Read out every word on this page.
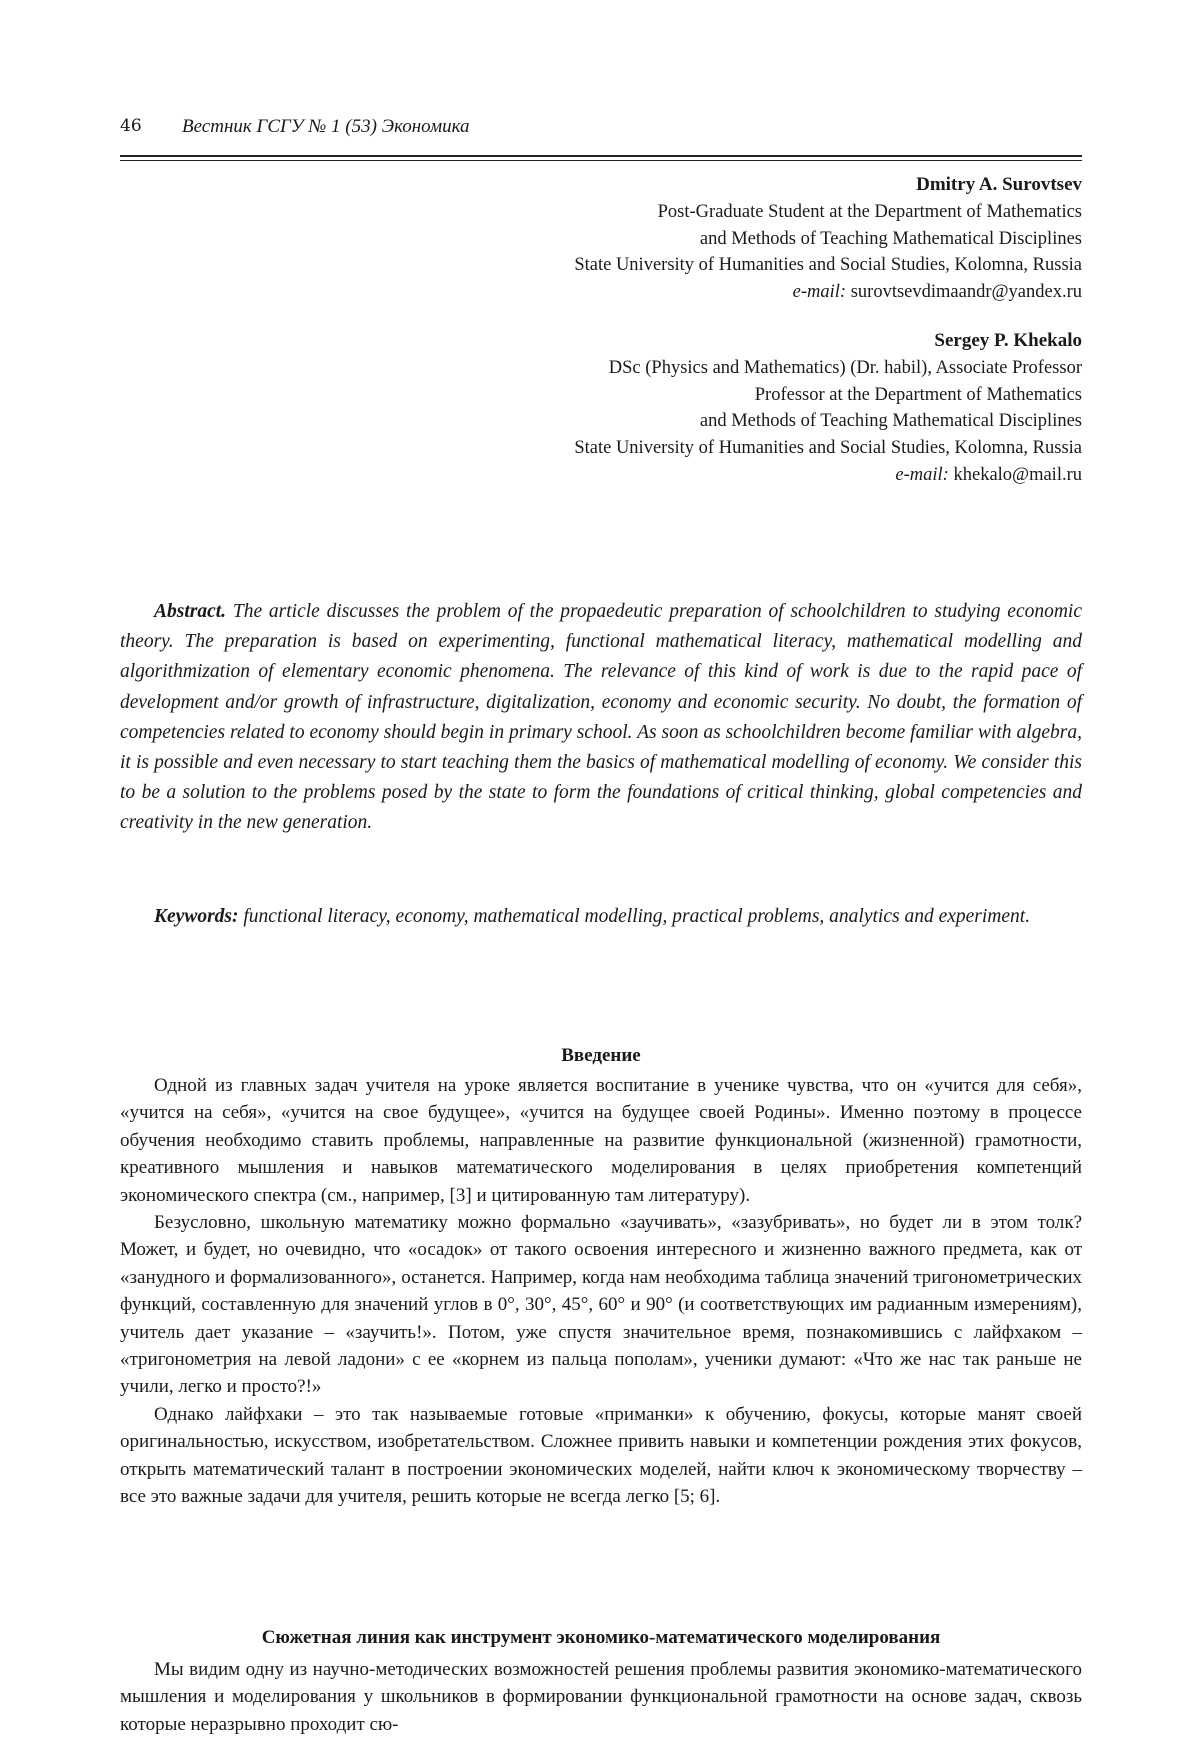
46 Вестник ГСГУ № 1 (53) Экономика
Dmitry A. Surovtsev
Post-Graduate Student at the Department of Mathematics
and Methods of Teaching Mathematical Disciplines
State University of Humanities and Social Studies, Kolomna, Russia
e-mail: surovtsevdimaandr@yandex.ru
Sergey P. Khekalo
DSc (Physics and Mathematics) (Dr. habil), Associate Professor
Professor at the Department of Mathematics
and Methods of Teaching Mathematical Disciplines
State University of Humanities and Social Studies, Kolomna, Russia
e-mail: khekalo@mail.ru
Abstract. The article discusses the problem of the propaedeutic preparation of schoolchildren to studying economic theory. The preparation is based on experimenting, functional mathematical literacy, mathematical modelling and algorithmization of elementary economic phenomena. The relevance of this kind of work is due to the rapid pace of development and/or growth of infrastructure, digitalization, economy and economic security. No doubt, the formation of competencies related to economy should begin in primary school. As soon as schoolchildren become familiar with algebra, it is possible and even necessary to start teaching them the basics of mathematical modelling of economy. We consider this to be a solution to the problems posed by the state to form the foundations of critical thinking, global competencies and creativity in the new generation.
Keywords: functional literacy, economy, mathematical modelling, practical problems, analytics and experiment.
Введение

Одной из главных задач учителя на уроке является воспитание в ученике чувства, что он «учится для себя», «учится на себя», «учится на свое будущее», «учится на будущее своей Родины». Именно поэтому в процессе обучения необходимо ставить проблемы, направленные на развитие функциональной (жизненной) грамотности, креативного мышления и навыков математического моделирования в целях приобретения компетенций экономического спектра (см., например, [3] и цитированную там литературу).

Безусловно, школьную математику можно формально «заучивать», «зазубривать», но будет ли в этом толк? Может, и будет, но очевидно, что «осадок» от такого освоения интересного и жизненно важного предмета, как от «занудного и формализованного», останется. Например, когда нам необходима таблица значений тригонометрических функций, составленную для значений углов в 0°, 30°, 45°, 60° и 90° (и соответствующих им радианным измерениям), учитель дает указание – «заучить!». Потом, уже спустя значительное время, познакомившись с лайфхаком – «тригонометрия на левой ладони» с ее «корнем из пальца пополам», ученики думают: «Что же нас так раньше не учили, легко и просто?!»

Однако лайфхаки – это так называемые готовые «приманки» к обучению, фокусы, которые манят своей оригинальностью, искусством, изобретательством. Сложнее привить навыки и компетенции рождения этих фокусов, открыть математический талант в построении экономических моделей, найти ключ к экономическому творчеству – все это важные задачи для учителя, решить которые не всегда легко [5; 6].

Сюжетная линия как инструмент экономико-математического моделирования

Мы видим одну из научно-методических возможностей решения проблемы развития экономико-математического мышления и моделирования у школьников в формировании функциональной грамотности на основе задач, сквозь которые неразрывно проходит сю-
